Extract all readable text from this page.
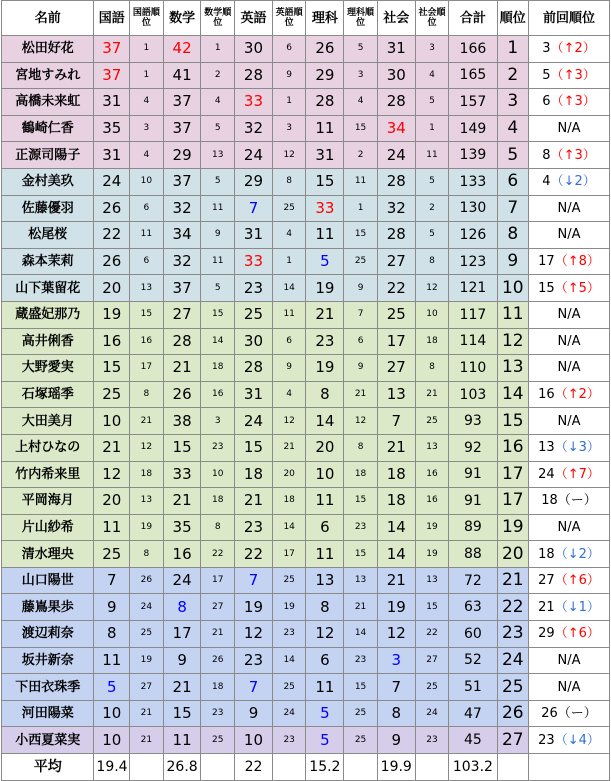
名前	国語	国語順位	数学	数学順位	英語	英語順位	理科	理科順位	社会	社会順位	合計	順位	前回順位
松田好花	37	1	42	1	30	6	26	5	31	3	166	1	3（↑2）
宮地すみれ	37	1	41	2	28	9	29	3	30	4	165	2	5（↑3）
高橋未来虹	31	4	37	4	33	1	28	4	28	5	157	3	6（↑3）
鶴崎仁香	35	3	37	5	32	3	11	15	34	1	149	4	N/A
正源司陽子	31	4	29	13	24	12	31	2	24	11	139	5	8（↑3）
金村美玖	24	10	37	5	29	8	15	11	28	5	133	6	4（↓2）
佐藤優羽	26	6	32	11	7	25	33	1	32	2	130	7	N/A
松尾桜	22	11	34	9	31	4	11	15	28	5	126	8	N/A
森本茉莉	26	6	32	11	33	1	5	25	27	8	123	9	17（↑8）
山下葉留花	20	13	37	5	23	14	19	9	22	12	121	10	15（↑5）
蔵盛妃那乃	19	15	27	15	25	11	21	7	25	10	117	11	N/A
高井俐香	16	16	28	14	30	6	23	6	17	18	114	12	N/A
大野愛実	15	17	21	18	28	9	19	9	27	8	110	13	N/A
石塚瑶季	25	8	26	16	31	4	8	21	13	21	103	14	16（↑2）
大田美月	10	21	38	3	24	12	14	12	7	25	93	15	N/A
上村ひなの	21	12	15	23	15	21	20	8	21	13	92	16	13（↓3）
竹内希来里	12	18	33	10	18	20	10	18	18	16	91	17	24（↑7）
平岡海月	20	13	21	18	21	18	11	15	18	16	91	17	18（ー）
片山紗希	11	19	35	8	23	14	6	23	14	19	89	19	N/A
清水理央	25	8	16	22	22	17	11	15	14	19	88	20	18（↓2）
山口陽世	7	26	24	17	7	25	13	13	21	13	72	21	27（↑6）
藤嶌果歩	9	24	8	27	19	19	8	21	19	15	63	22	21（↓1）
渡辺莉奈	8	25	17	21	12	23	12	14	12	22	60	23	29（↑6）
坂井新奈	11	19	9	26	23	14	6	23	3	27	52	24	N/A
下田衣珠季	5	27	21	18	7	25	11	15	7	25	51	25	N/A
河田陽菜	10	21	15	23	9	24	5	25	8	24	47	26	26（ー）
小西夏菜実	10	21	11	25	10	23	5	25	9	23	45	27	23（↓4）
平均	19.4		26.8		22		15.2		19.9		103.2		
